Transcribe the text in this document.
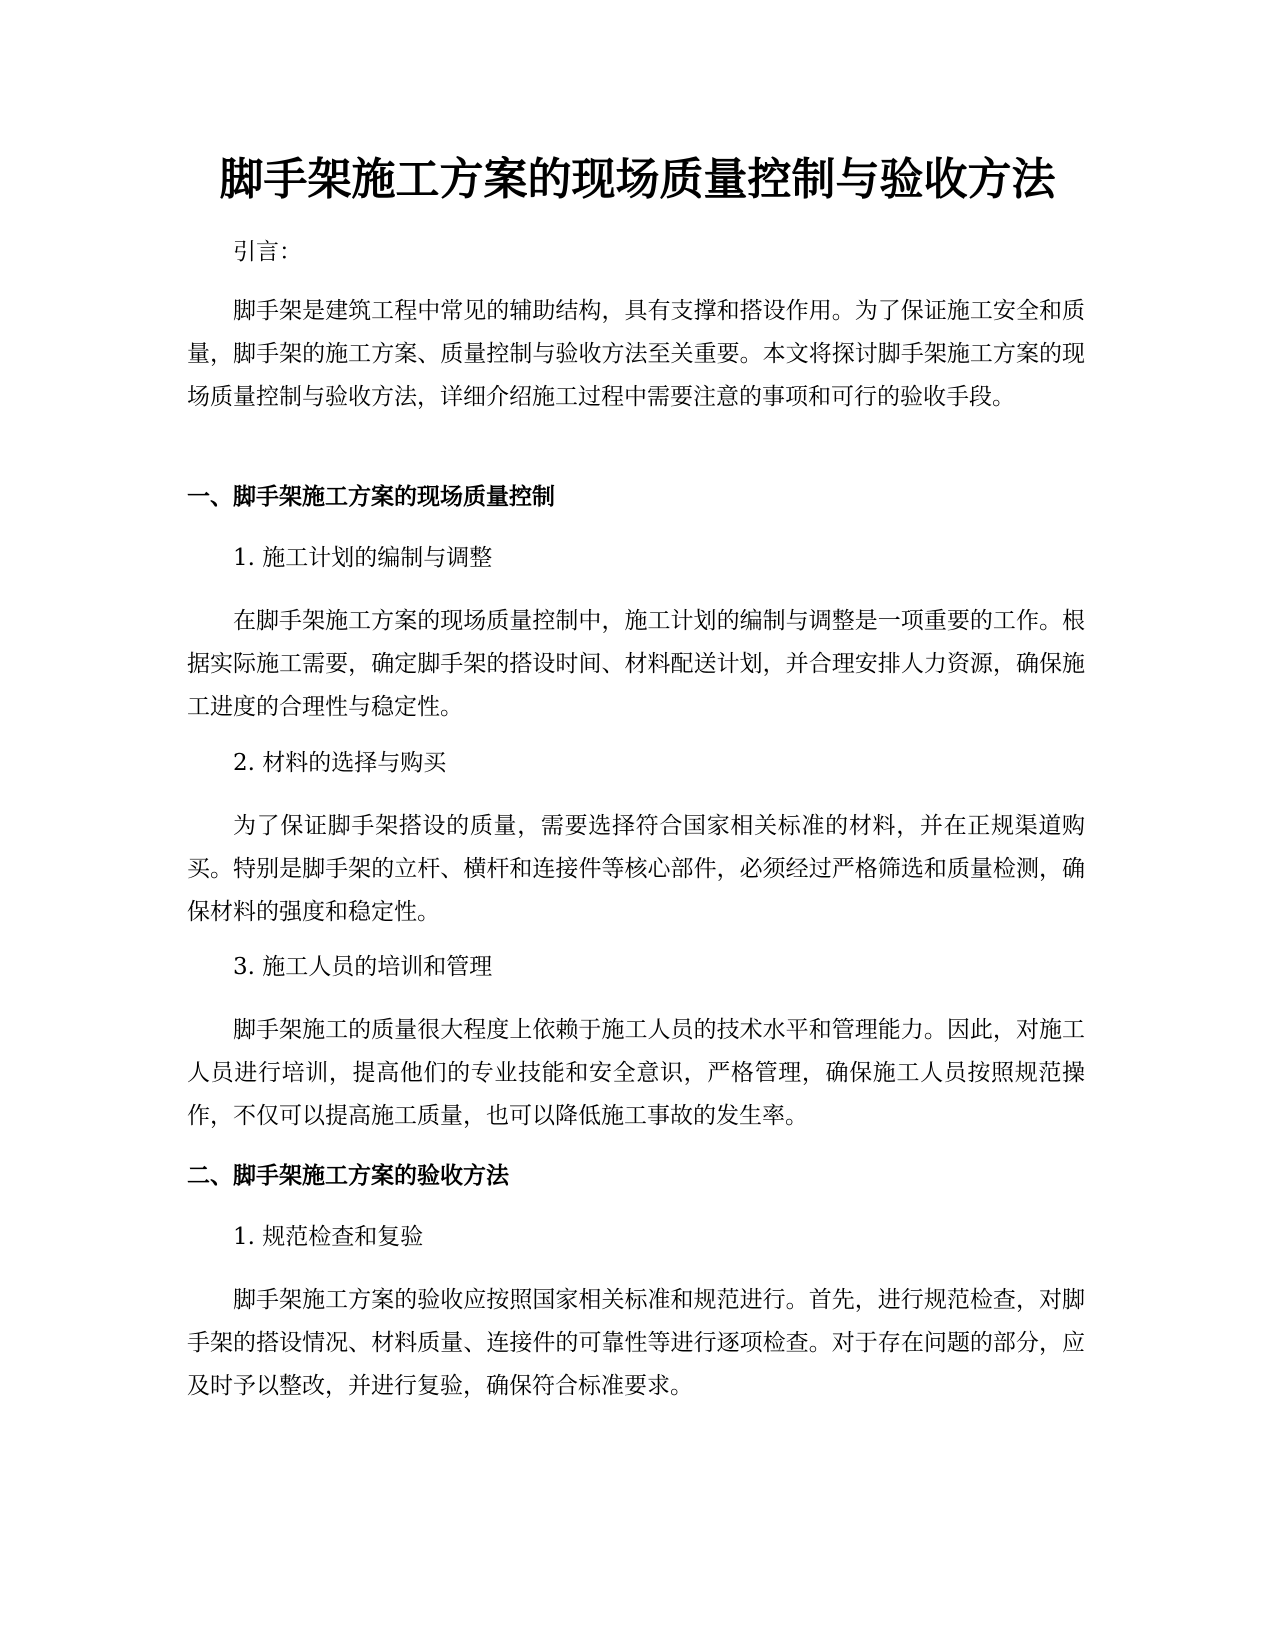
脚手架施工方案的现场质量控制与验收方法

引言：

脚手架是建筑工程中常见的辅助结构，具有支撑和搭设作用。为了保证施工安全和质量，脚手架的施工方案、质量控制与验收方法至关重要。本文将探讨脚手架施工方案的现场质量控制与验收方法，详细介绍施工过程中需要注意的事项和可行的验收手段。

一、脚手架施工方案的现场质量控制

1. 施工计划的编制与调整

在脚手架施工方案的现场质量控制中，施工计划的编制与调整是一项重要的工作。根据实际施工需要，确定脚手架的搭设时间、材料配送计划，并合理安排人力资源，确保施工进度的合理性与稳定性。

2. 材料的选择与购买

为了保证脚手架搭设的质量，需要选择符合国家相关标准的材料，并在正规渠道购买。特别是脚手架的立杆、横杆和连接件等核心部件，必须经过严格筛选和质量检测，确保材料的强度和稳定性。

3. 施工人员的培训和管理

脚手架施工的质量很大程度上依赖于施工人员的技术水平和管理能力。因此，对施工人员进行培训，提高他们的专业技能和安全意识，严格管理，确保施工人员按照规范操作，不仅可以提高施工质量，也可以降低施工事故的发生率。

二、脚手架施工方案的验收方法

1. 规范检查和复验

脚手架施工方案的验收应按照国家相关标准和规范进行。首先，进行规范检查，对脚手架的搭设情况、材料质量、连接件的可靠性等进行逐项检查。对于存在问题的部分，应及时予以整改，并进行复验，确保符合标准要求。
